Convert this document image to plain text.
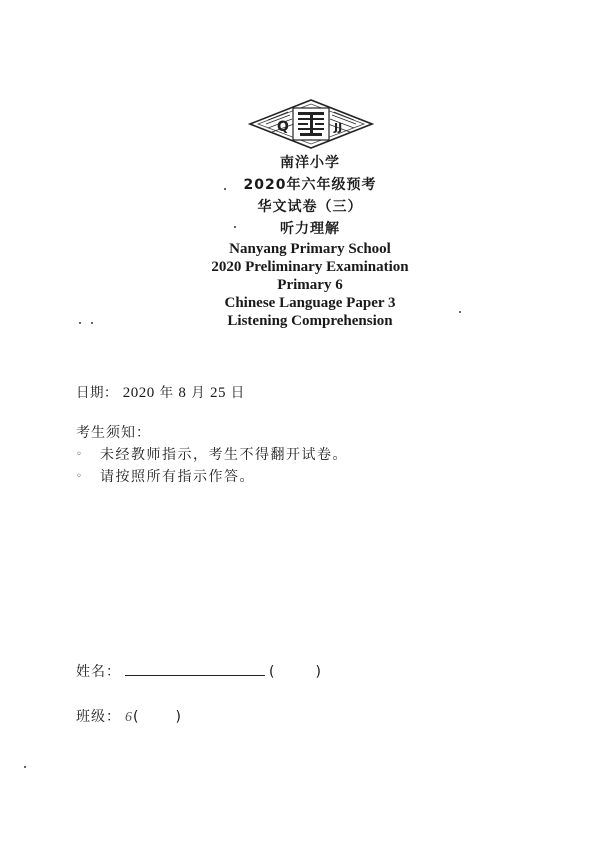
Q	JJ
南洋小学
2020年六年级预考
华文试卷（三）
听力理解
Nanyang Primary School
2020 Preliminary Examination
Primary 6
Chinese Language Paper 3
Listening Comprehension
日期： 2020 年 8 月 25 日
考生须知：
◦ 未经教师指示，考生不得翻开试卷。
◦ 请按照所有指示作答。
姓名：	(	)
班级： 6(	)
